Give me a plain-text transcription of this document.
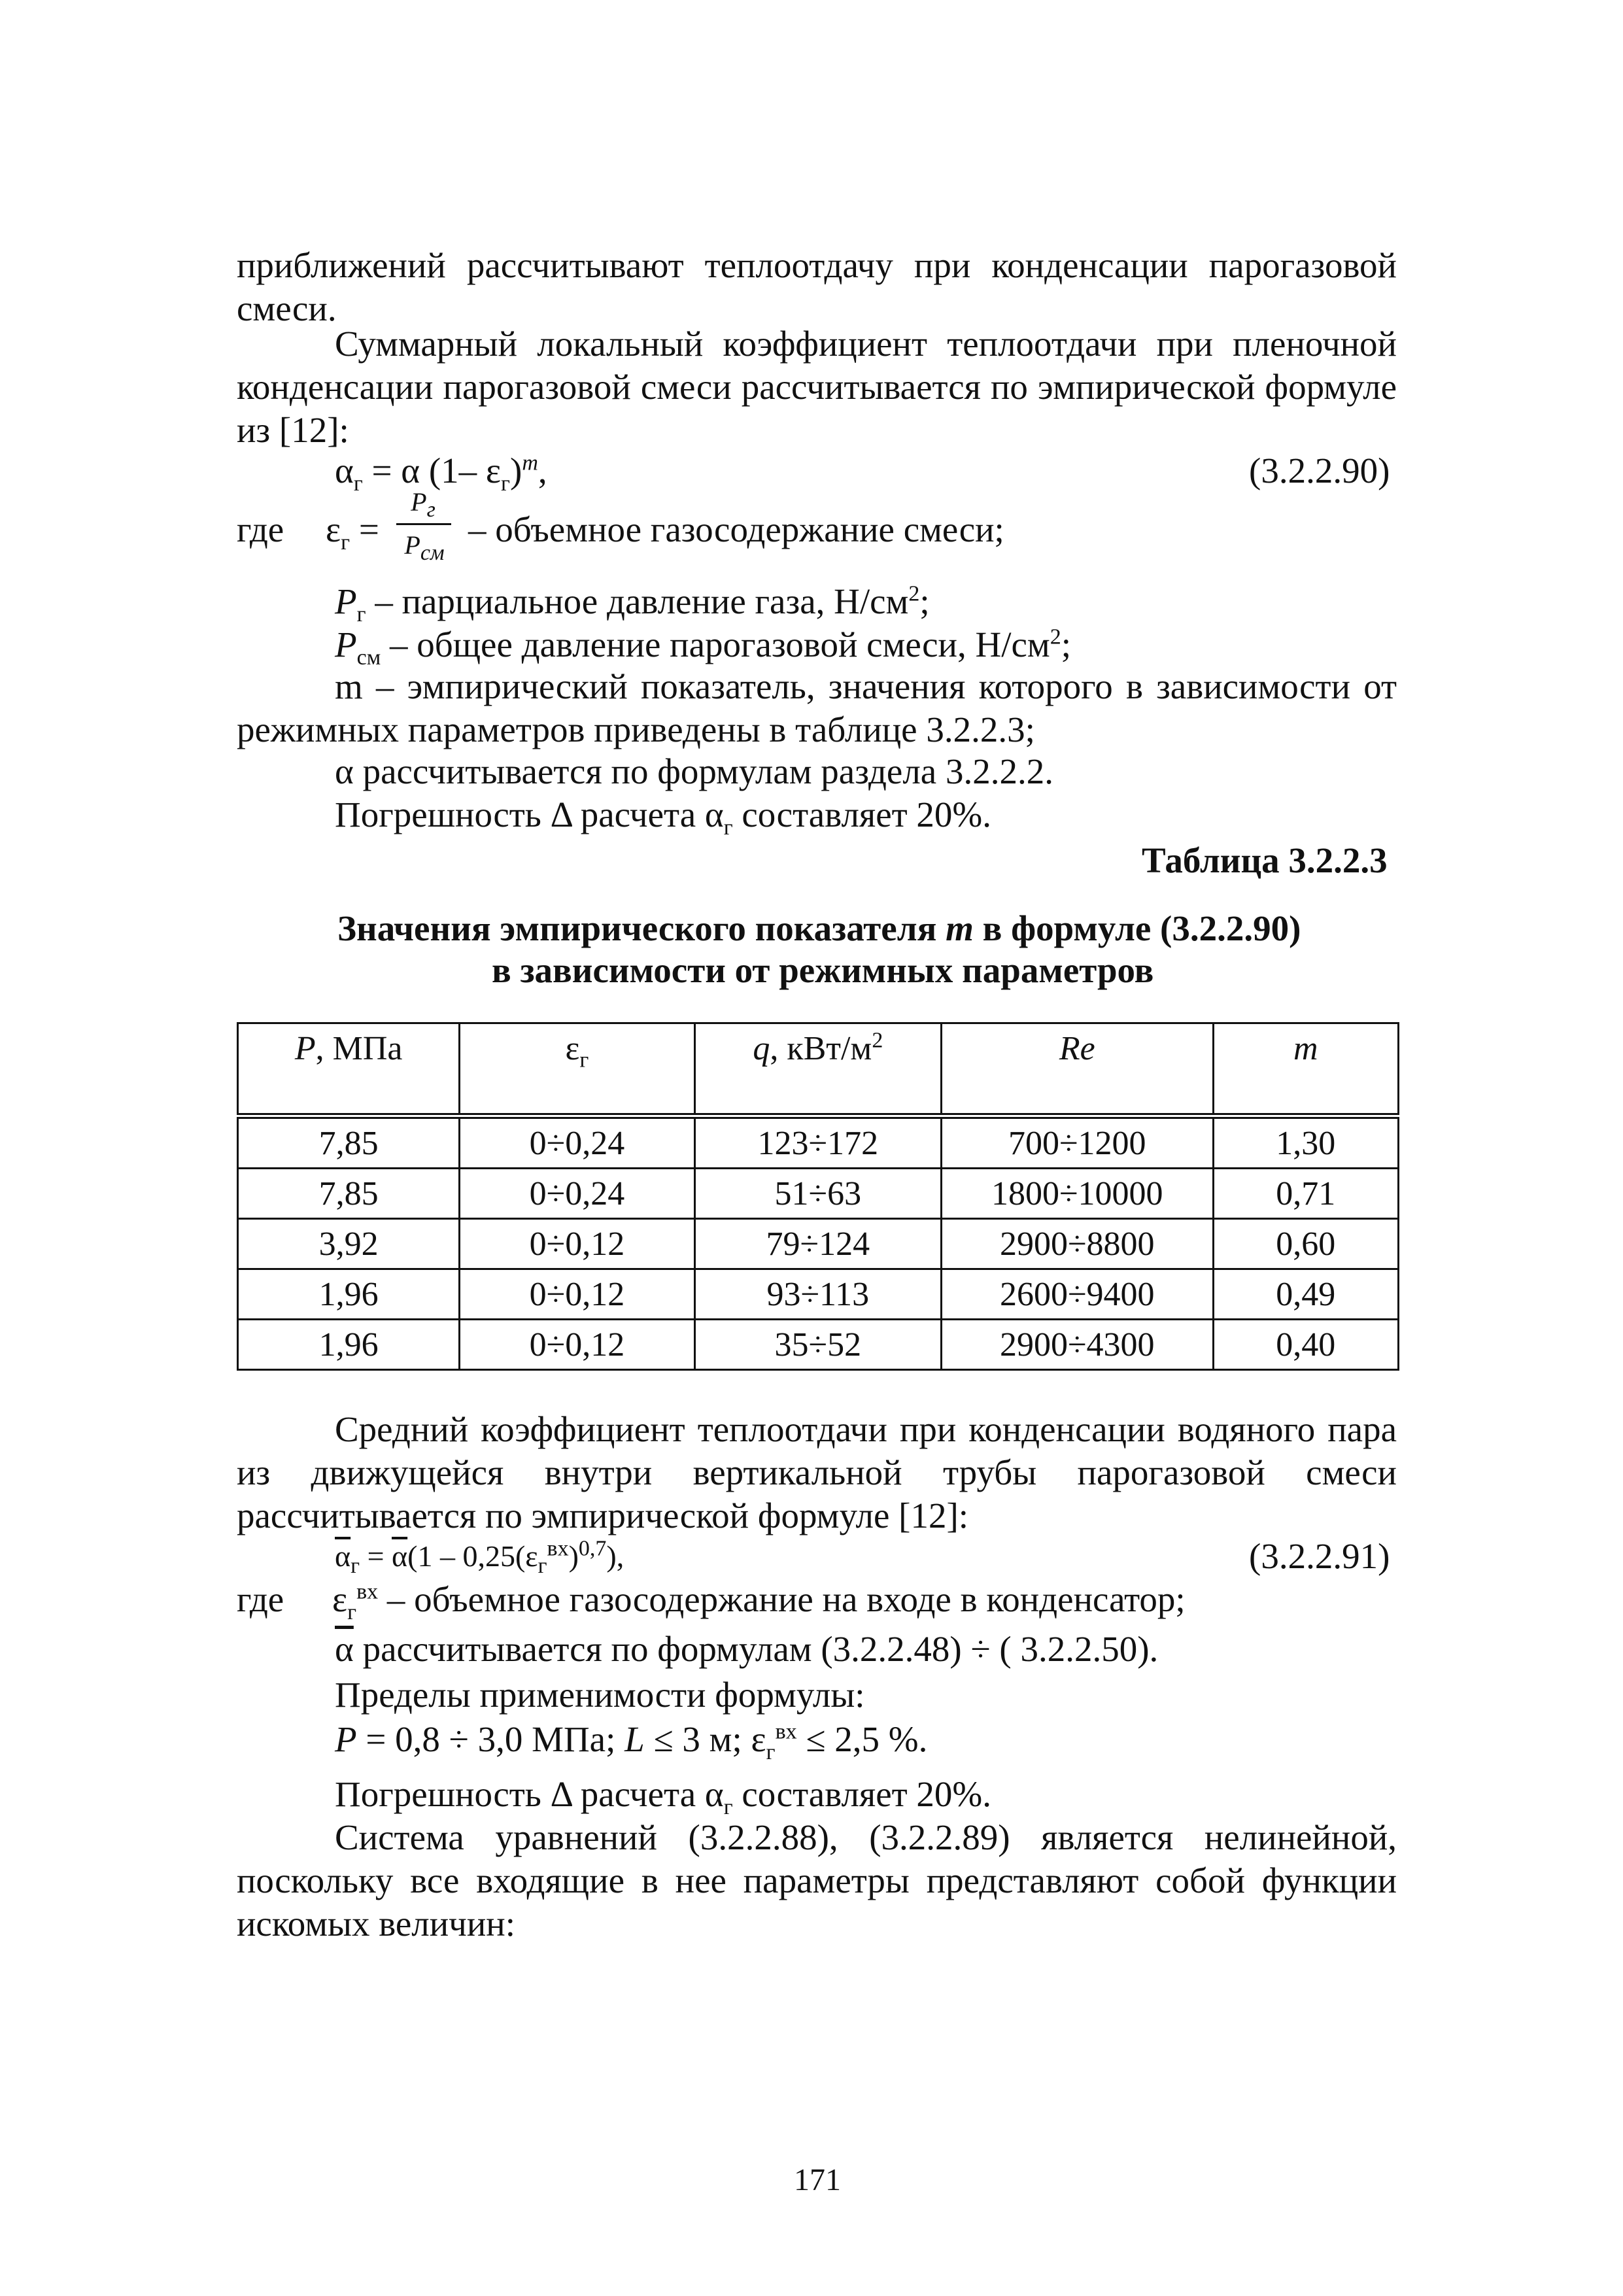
приближений рассчитывают теплоотдачу при конденсации парогазовой
смеси.
Суммарный локальный коэффициент теплоотдачи при пленочной
конденсации парогазовой смеси рассчитывается по эмпирической формуле
из [12]:
$\alpha_г = \alpha$ (1– $\varepsilon_г)^m$,	(3.2.2.90)
где $\varepsilon_г$ =
$P_г$
$P_{см}$
– объемное газосодержание смеси;
$P_г$ – парциальное давление газа, $Н/см^2$;
$P_{см}$ – общее давление парогазовой смеси, $Н/см^2$;
m – эмпирический показатель, значения которого в зависимости от
режимных параметров приведены в таблице 3.2.2.3;
α рассчитывается по формулам раздела 3.2.2.2.
Погрешность Δ расчета $\alpha_г$ составляет 20%.
Таблица 3.2.2.3
Значения эмпирического показателя m в формуле (3.2.2.90)
в зависимости от режимных параметров
P, МПа	$\varepsilon_г$	q, кВт/$м^2$	Re	m
7,85	0÷0,24	123÷172	700÷1200	1,30
7,85	0÷0,24	51÷63	1800÷10000	0,71
3,92	0÷0,12	79÷124	2900÷8800	0,60
1,96	0÷0,12	93÷113	2600÷9400	0,49
1,96	0÷0,12	35÷52	2900÷4300	0,40
Средний коэффициент теплоотдачи при конденсации водяного пара
из движущейся внутри вертикальной трубы парогазовой смеси
рассчитывается по эмпирической формуле [12]:
$\overline{\alpha}_г = \overline{\alpha}(1 - 0,25(\varepsilon_г^{вх})^{0,7})$,	(3.2.2.91)
где $\varepsilon_г^{вх}$ – объемное газосодержание на входе в конденсатор;
$\overline{\alpha}$ рассчитывается по формулам (3.2.2.48) ÷ ( 3.2.2.50).
Пределы применимости формулы:
P = 0,8 ÷ 3,0 МПа; L ≤ 3 м; $\varepsilon_г^{вх} \le 2,5$ %.
Погрешность Δ расчета $\alpha_г$ составляет 20%.
Система уравнений (3.2.2.88), (3.2.2.89) является нелинейной,
поскольку все входящие в нее параметры представляют собой функции
искомых величин:
171
